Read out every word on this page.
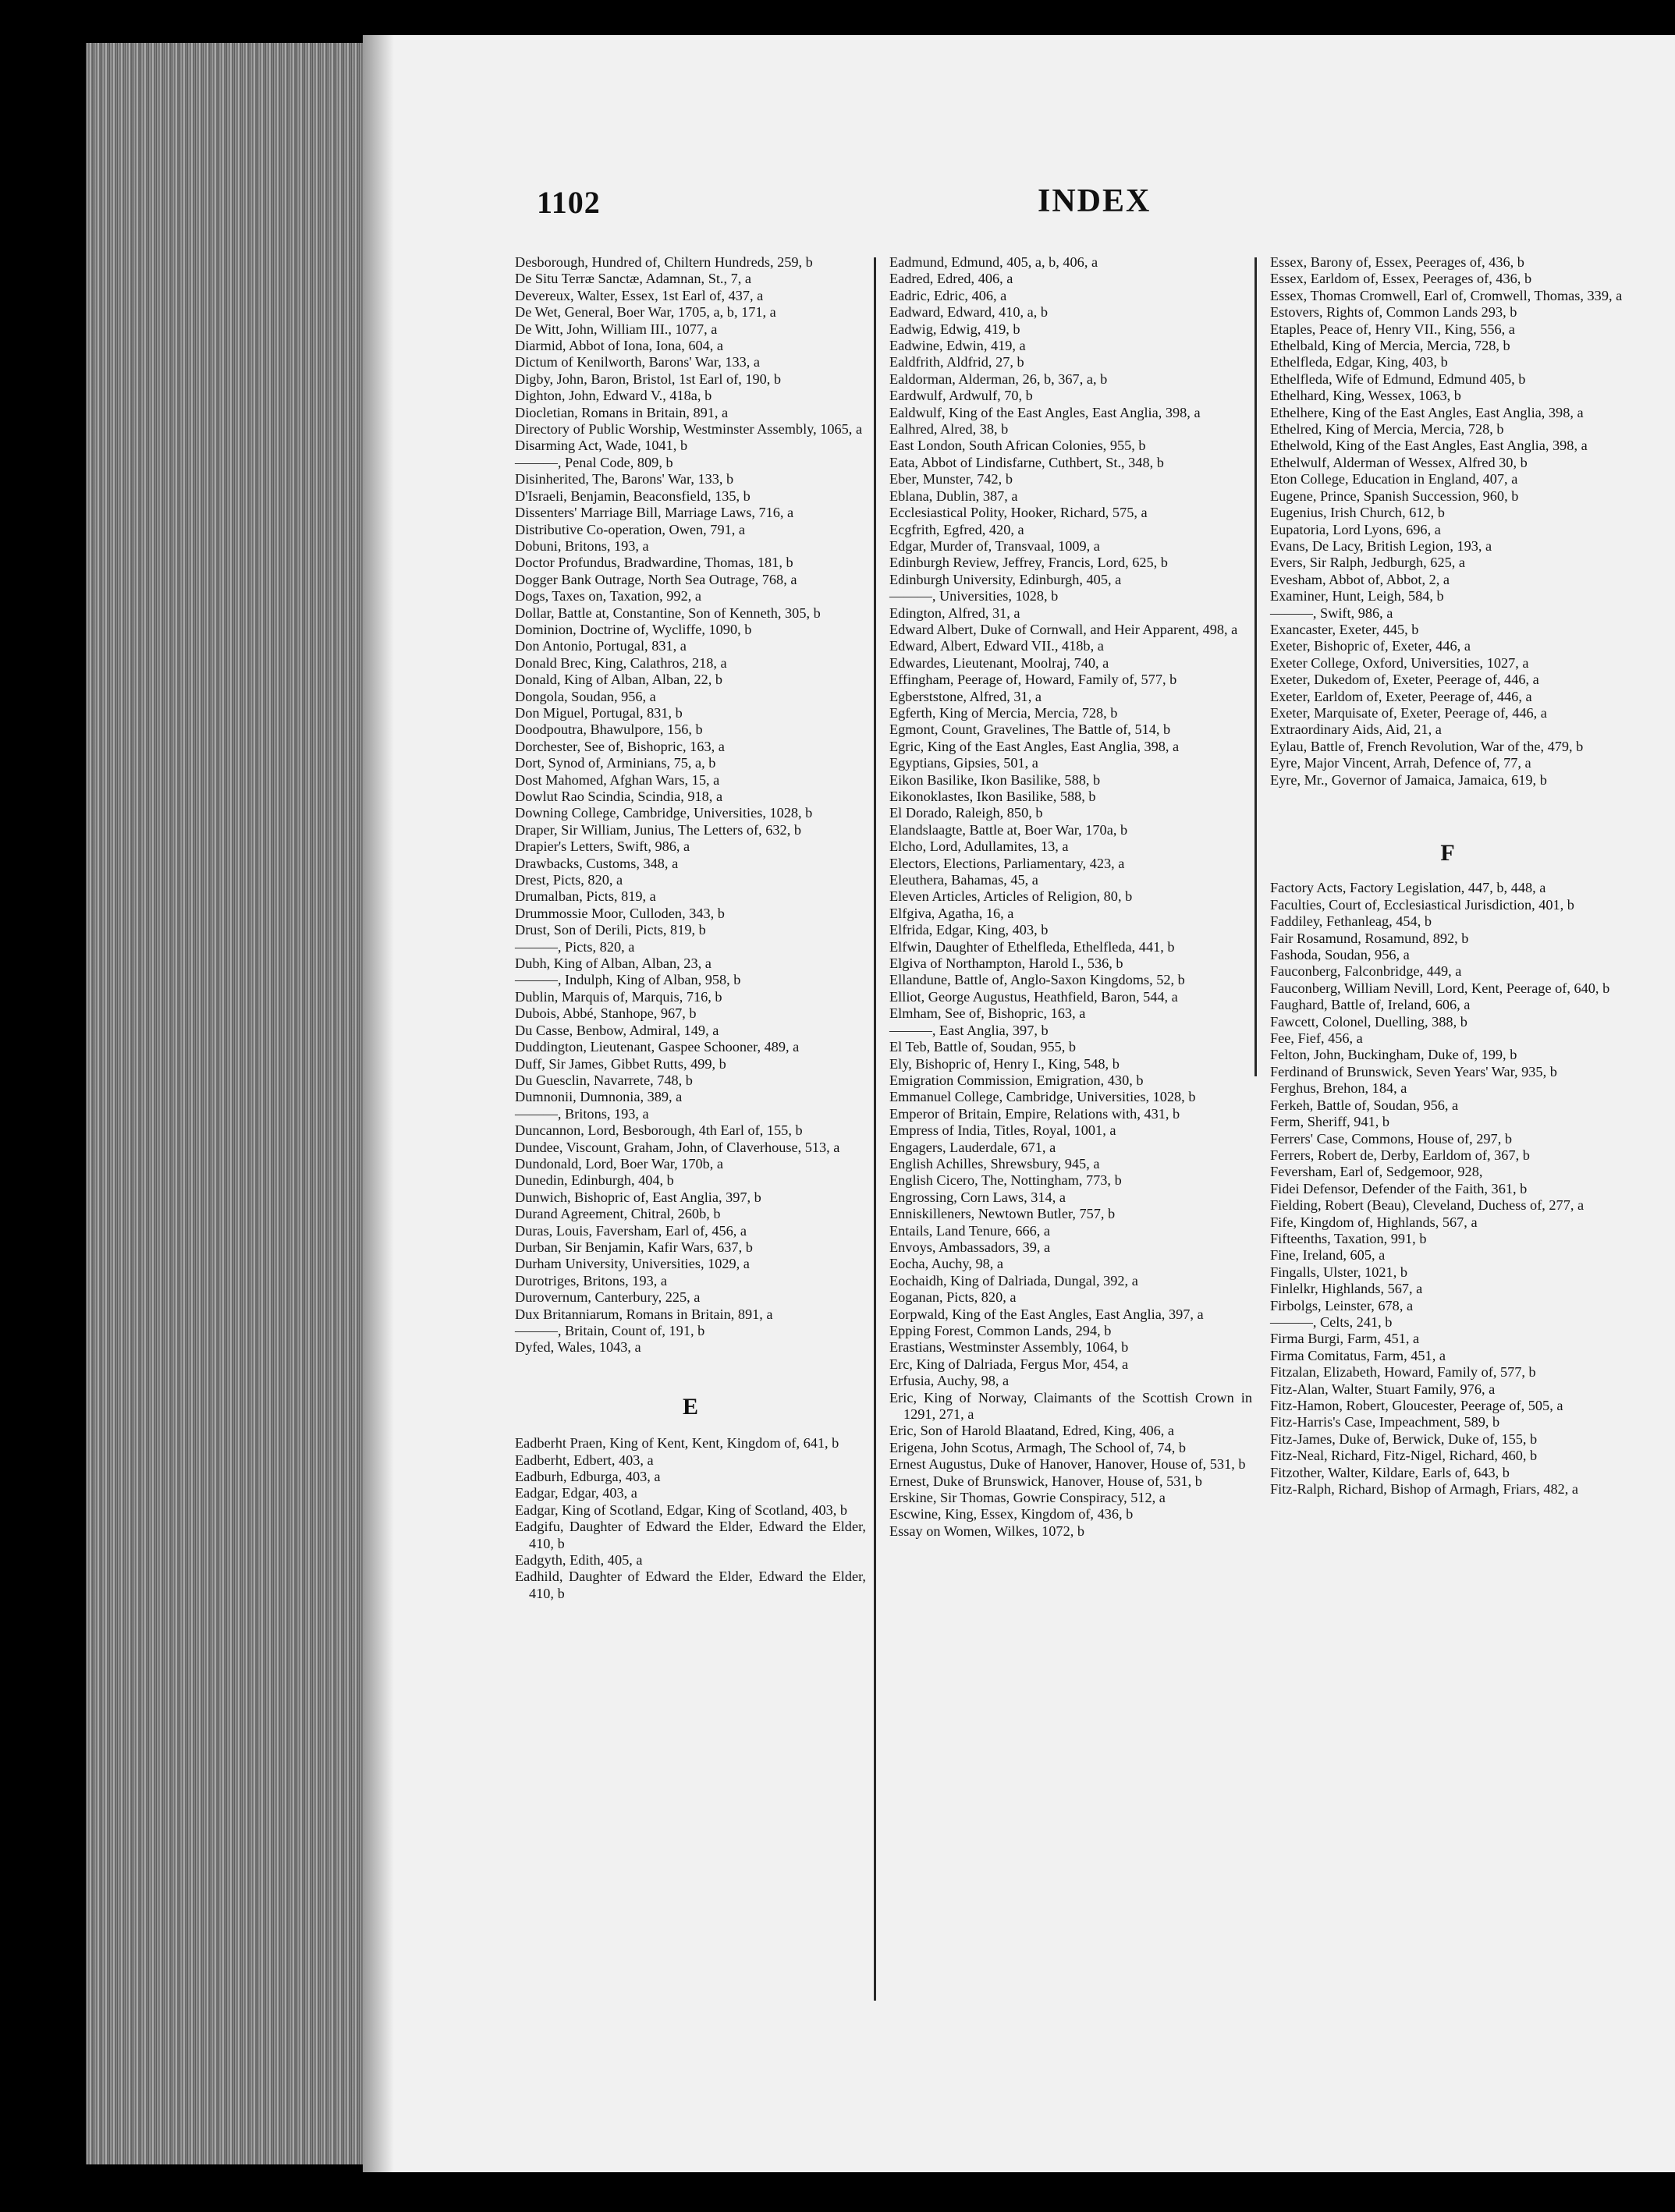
1102	INDEX

Desborough, Hundred of, Chiltern Hundreds, 259, b

De Situ Terræ Sanctæ, Adamnan, St., 7, a

Devereux, Walter, Essex, 1st Earl of, 437, a

De Wet, General, Boer War, 1705, a, b, 171, a

De Witt, John, William III., 1077, a

Diarmid, Abbot of Iona, Iona, 604, a

Dictum of Kenilworth, Barons' War, 133, a

Digby, John, Baron, Bristol, 1st Earl of, 190, b

Dighton, John, Edward V., 418a, b

Diocletian, Romans in Britain, 891, a

Directory of Public Worship, Westminster Assembly, 1065, a

Disarming Act, Wade, 1041, b

———, Penal Code, 809, b

Disinherited, The, Barons' War, 133, b

D'Israeli, Benjamin, Beaconsfield, 135, b

Dissenters' Marriage Bill, Marriage Laws, 716, a

Distributive Co-operation, Owen, 791, a

Dobuni, Britons, 193, a

Doctor Profundus, Bradwardine, Thomas, 181, b

Dogger Bank Outrage, North Sea Outrage, 768, a

Dogs, Taxes on, Taxation, 992, a

Dollar, Battle at, Constantine, Son of Kenneth, 305, b

Dominion, Doctrine of, Wycliffe, 1090, b

Don Antonio, Portugal, 831, a

Donald Brec, King, Calathros, 218, a

Donald, King of Alban, Alban, 22, b

Dongola, Soudan, 956, a

Don Miguel, Portugal, 831, b

Doodpoutra, Bhawulpore, 156, b

Dorchester, See of, Bishopric, 163, a

Dort, Synod of, Arminians, 75, a, b

Dost Mahomed, Afghan Wars, 15, a

Dowlut Rao Scindia, Scindia, 918, a

Downing College, Cambridge, Universities, 1028, b

Draper, Sir William, Junius, The Letters of, 632, b

Drapier's Letters, Swift, 986, a

Drawbacks, Customs, 348, a

Drest, Picts, 820, a

Drumalban, Picts, 819, a

Drummossie Moor, Culloden, 343, b

Drust, Son of Derili, Picts, 819, b

———, Picts, 820, a

Dubh, King of Alban, Alban, 23, a

———, Indulph, King of Alban, 958, b

Dublin, Marquis of, Marquis, 716, b

Dubois, Abbé, Stanhope, 967, b

Du Casse, Benbow, Admiral, 149, a

Duddington, Lieutenant, Gaspee Schooner, 489, a

Duff, Sir James, Gibbet Rutts, 499, b

Du Guesclin, Navarrete, 748, b

Dumnonii, Dumnonia, 389, a

———, Britons, 193, a

Duncannon, Lord, Besborough, 4th Earl of, 155, b

Dundee, Viscount, Graham, John, of Claverhouse, 513, a

Dundonald, Lord, Boer War, 170b, a

Dunedin, Edinburgh, 404, b

Dunwich, Bishopric of, East Anglia, 397, b

Durand Agreement, Chitral, 260b, b

Duras, Louis, Faversham, Earl of, 456, a

Durban, Sir Benjamin, Kafir Wars, 637, b

Durham University, Universities, 1029, a

Durotriges, Britons, 193, a

Durovernum, Canterbury, 225, a

Dux Britanniarum, Romans in Britain, 891, a

———, Britain, Count of, 191, b

Dyfed, Wales, 1043, a

E

Eadberht Praen, King of Kent, Kent, Kingdom of, 641, b

Eadberht, Edbert, 403, a

Eadburh, Edburga, 403, a

Eadgar, Edgar, 403, a

Eadgar, King of Scotland, Edgar, King of Scotland, 403, b

Eadgifu, Daughter of Edward the Elder, Edward the Elder, 410, b

Eadgyth, Edith, 405, a

Eadhild, Daughter of Edward the Elder, Edward the Elder, 410, b

Eadmund, Edmund, 405, a, b, 406, a

Eadred, Edred, 406, a

Eadric, Edric, 406, a

Eadward, Edward, 410, a, b

Eadwig, Edwig, 419, b

Eadwine, Edwin, 419, a

Ealdfrith, Aldfrid, 27, b

Ealdorman, Alderman, 26, b, 367, a, b

Eardwulf, Ardwulf, 70, b

Ealdwulf, King of the East Angles, East Anglia, 398, a

Ealhred, Alred, 38, b

East London, South African Colonies, 955, b

Eata, Abbot of Lindisfarne, Cuthbert, St., 348, b

Eber, Munster, 742, b

Eblana, Dublin, 387, a

Ecclesiastical Polity, Hooker, Richard, 575, a

Ecgfrith, Egfred, 420, a

Edgar, Murder of, Transvaal, 1009, a

Edinburgh Review, Jeffrey, Francis, Lord, 625, b

Edinburgh University, Edinburgh, 405, a

———, Universities, 1028, b

Edington, Alfred, 31, a

Edward Albert, Duke of Cornwall, and Heir Apparent, 498, a

Edward, Albert, Edward VII., 418b, a

Edwardes, Lieutenant, Moolraj, 740, a

Effingham, Peerage of, Howard, Family of, 577, b

Egberststone, Alfred, 31, a

Egferth, King of Mercia, Mercia, 728, b

Egmont, Count, Gravelines, The Battle of, 514, b

Egric, King of the East Angles, East Anglia, 398, a

Egyptians, Gipsies, 501, a

Eikon Basilike, Ikon Basilike, 588, b

Eikonoklastes, Ikon Basilike, 588, b

El Dorado, Raleigh, 850, b

Elandslaagte, Battle at, Boer War, 170a, b

Elcho, Lord, Adullamites, 13, a

Electors, Elections, Parliamentary, 423, a

Eleuthera, Bahamas, 45, a

Eleven Articles, Articles of Religion, 80, b

Elfgiva, Agatha, 16, a

Elfrida, Edgar, King, 403, b

Elfwin, Daughter of Ethelfleda, Ethelfleda, 441, b

Elgiva of Northampton, Harold I., 536, b

Ellandune, Battle of, Anglo-Saxon Kingdoms, 52, b

Elliot, George Augustus, Heathfield, Baron, 544, a

Elmham, See of, Bishopric, 163, a

———, East Anglia, 397, b

El Teb, Battle of, Soudan, 955, b

Ely, Bishopric of, Henry I., King, 548, b

Emigration Commission, Emigration, 430, b

Emmanuel College, Cambridge, Universities, 1028, b

Emperor of Britain, Empire, Relations with, 431, b

Empress of India, Titles, Royal, 1001, a

Engagers, Lauderdale, 671, a

English Achilles, Shrewsbury, 945, a

English Cicero, The, Nottingham, 773, b

Engrossing, Corn Laws, 314, a

Enniskilleners, Newtown Butler, 757, b

Entails, Land Tenure, 666, a

Envoys, Ambassadors, 39, a

Eocha, Auchy, 98, a

Eochaidh, King of Dalriada, Dungal, 392, a

Eoganan, Picts, 820, a

Eorpwald, King of the East Angles, East Anglia, 397, a

Epping Forest, Common Lands, 294, b

Erastians, Westminster Assembly, 1064, b

Erc, King of Dalriada, Fergus Mor, 454, a

Erfusia, Auchy, 98, a

Eric, King of Norway, Claimants of the Scottish Crown in 1291, 271, a

Eric, Son of Harold Blaatand, Edred, King, 406, a

Erigena, John Scotus, Armagh, The School of, 74, b

Ernest Augustus, Duke of Hanover, Hanover, House of, 531, b

Ernest, Duke of Brunswick, Hanover, House of, 531, b

Erskine, Sir Thomas, Gowrie Conspiracy, 512, a

Escwine, King, Essex, Kingdom of, 436, b

Essay on Women, Wilkes, 1072, b

Essex, Barony of, Essex, Peerages of, 436, b

Essex, Earldom of, Essex, Peerages of, 436, b

Essex, Thomas Cromwell, Earl of, Cromwell, Thomas, 339, a

Estovers, Rights of, Common Lands 293, b

Etaples, Peace of, Henry VII., King, 556, a

Ethelbald, King of Mercia, Mercia, 728, b

Ethelfleda, Edgar, King, 403, b

Ethelfleda, Wife of Edmund, Edmund 405, b

Ethelhard, King, Wessex, 1063, b

Ethelhere, King of the East Angles, East Anglia, 398, a

Ethelred, King of Mercia, Mercia, 728, b

Ethelwold, King of the East Angles, East Anglia, 398, a

Ethelwulf, Alderman of Wessex, Alfred 30, b

Eton College, Education in England, 407, a

Eugene, Prince, Spanish Succession, 960, b

Eugenius, Irish Church, 612, b

Eupatoria, Lord Lyons, 696, a

Evans, De Lacy, British Legion, 193, a

Evers, Sir Ralph, Jedburgh, 625, a

Evesham, Abbot of, Abbot, 2, a

Examiner, Hunt, Leigh, 584, b

———, Swift, 986, a

Exancaster, Exeter, 445, b

Exeter, Bishopric of, Exeter, 446, a

Exeter College, Oxford, Universities, 1027, a

Exeter, Dukedom of, Exeter, Peerage of, 446, a

Exeter, Earldom of, Exeter, Peerage of, 446, a

Exeter, Marquisate of, Exeter, Peerage of, 446, a

Extraordinary Aids, Aid, 21, a

Eylau, Battle of, French Revolution, War of the, 479, b

Eyre, Major Vincent, Arrah, Defence of, 77, a

Eyre, Mr., Governor of Jamaica, Jamaica, 619, b

F

Factory Acts, Factory Legislation, 447, b, 448, a

Faculties, Court of, Ecclesiastical Jurisdiction, 401, b

Faddiley, Fethanleag, 454, b

Fair Rosamund, Rosamund, 892, b

Fashoda, Soudan, 956, a

Fauconberg, Falconbridge, 449, a

Fauconberg, William Nevill, Lord, Kent, Peerage of, 640, b

Faughard, Battle of, Ireland, 606, a

Fawcett, Colonel, Duelling, 388, b

Fee, Fief, 456, a

Felton, John, Buckingham, Duke of, 199, b

Ferdinand of Brunswick, Seven Years' War, 935, b

Ferghus, Brehon, 184, a

Ferkeh, Battle of, Soudan, 956, a

Ferm, Sheriff, 941, b

Ferrers' Case, Commons, House of, 297, b

Ferrers, Robert de, Derby, Earldom of, 367, b

Feversham, Earl of, Sedgemoor, 928,

Fidei Defensor, Defender of the Faith, 361, b

Fielding, Robert (Beau), Cleveland, Duchess of, 277, a

Fife, Kingdom of, Highlands, 567, a

Fifteenths, Taxation, 991, b

Fine, Ireland, 605, a

Fingalls, Ulster, 1021, b

Finlelkr, Highlands, 567, a

Firbolgs, Leinster, 678, a

———, Celts, 241, b

Firma Burgi, Farm, 451, a

Firma Comitatus, Farm, 451, a

Fitzalan, Elizabeth, Howard, Family of, 577, b

Fitz-Alan, Walter, Stuart Family, 976, a

Fitz-Hamon, Robert, Gloucester, Peerage of, 505, a

Fitz-Harris's Case, Impeachment, 589, b

Fitz-James, Duke of, Berwick, Duke of, 155, b

Fitz-Neal, Richard, Fitz-Nigel, Richard, 460, b

Fitzother, Walter, Kildare, Earls of, 643, b

Fitz-Ralph, Richard, Bishop of Armagh, Friars, 482, a
